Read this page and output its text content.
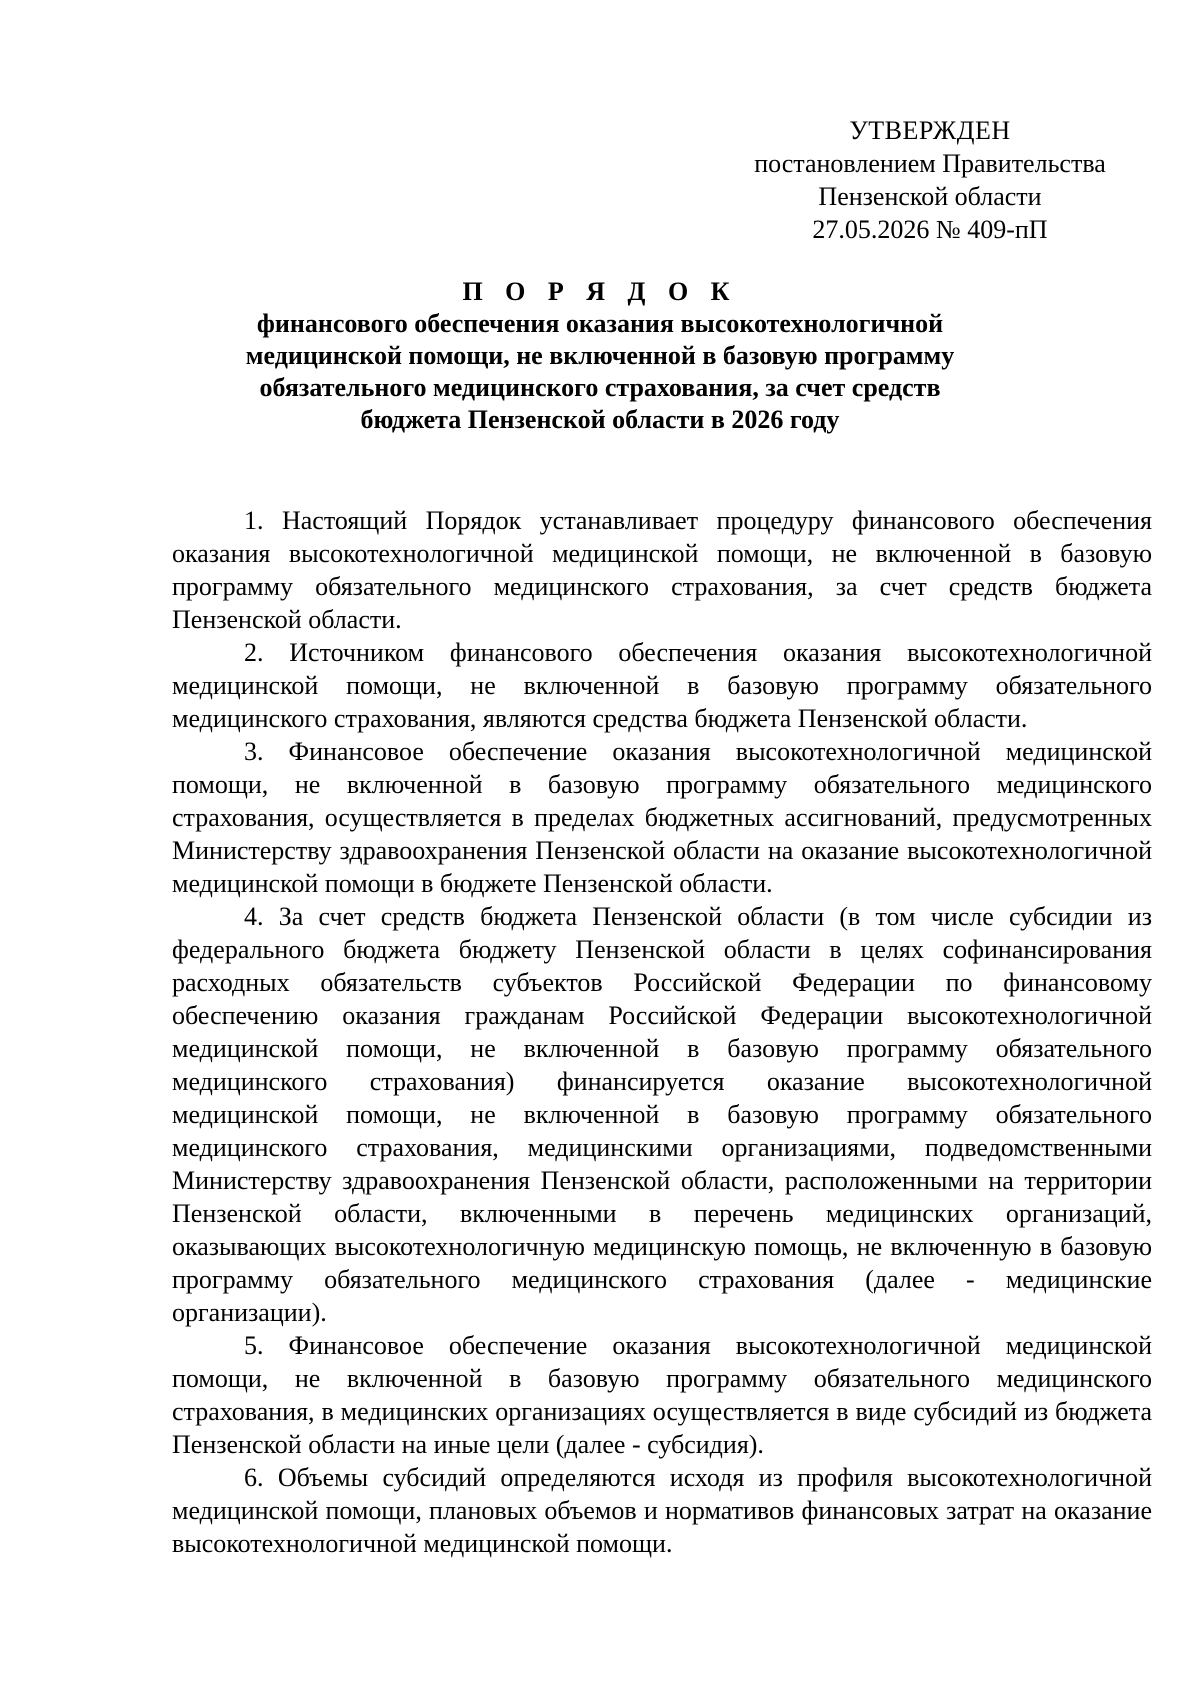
УТВЕРЖДЕН
постановлением Правительства
Пензенской области
27.05.2026 № 409-пП
П О Р Я Д О К
финансового обеспечения оказания высокотехнологичной
медицинской помощи, не включенной в базовую программу
обязательного медицинского страхования, за счет средств
бюджета Пензенской области в 2026 году

1. Настоящий Порядок устанавливает процедуру финансового обеспечения оказания высокотехнологичной медицинской помощи, не включенной в базовую программу обязательного медицинского страхования, за счет средств бюджета Пензенской области.

2. Источником финансового обеспечения оказания высокотехнологичной медицинской помощи, не включенной в базовую программу обязательного медицинского страхования, являются средства бюджета Пензенской области.

3. Финансовое обеспечение оказания высокотехнологичной медицинской помощи, не включенной в базовую программу обязательного медицинского страхования, осуществляется в пределах бюджетных ассигнований, предусмотренных Министерству здравоохранения Пензенской области на оказание высокотехнологичной медицинской помощи в бюджете Пензенской области.

4. За счет средств бюджета Пензенской области (в том числе субсидии из федерального бюджета бюджету Пензенской области в целях софинансирования расходных обязательств субъектов Российской Федерации по финансовому обеспечению оказания гражданам Российской Федерации высокотехнологичной медицинской помощи, не включенной в базовую программу обязательного медицинского страхования) финансируется оказание высокотехнологичной медицинской помощи, не включенной в базовую программу обязательного медицинского страхования, медицинскими организациями, подведомственными Министерству здравоохранения Пензенской области, расположенными на территории Пензенской области, включенными в перечень медицинских организаций, оказывающих высокотехнологичную медицинскую помощь, не включенную в базовую программу обязательного медицинского страхования (далее - медицинские организации).

5. Финансовое обеспечение оказания высокотехнологичной медицинской помощи, не включенной в базовую программу обязательного медицинского страхования, в медицинских организациях осуществляется в виде субсидий из бюджета Пензенской области на иные цели (далее - субсидия).

6. Объемы субсидий определяются исходя из профиля высокотехнологичной медицинской помощи, плановых объемов и нормативов финансовых затрат на оказание высокотехнологичной медицинской помощи.
